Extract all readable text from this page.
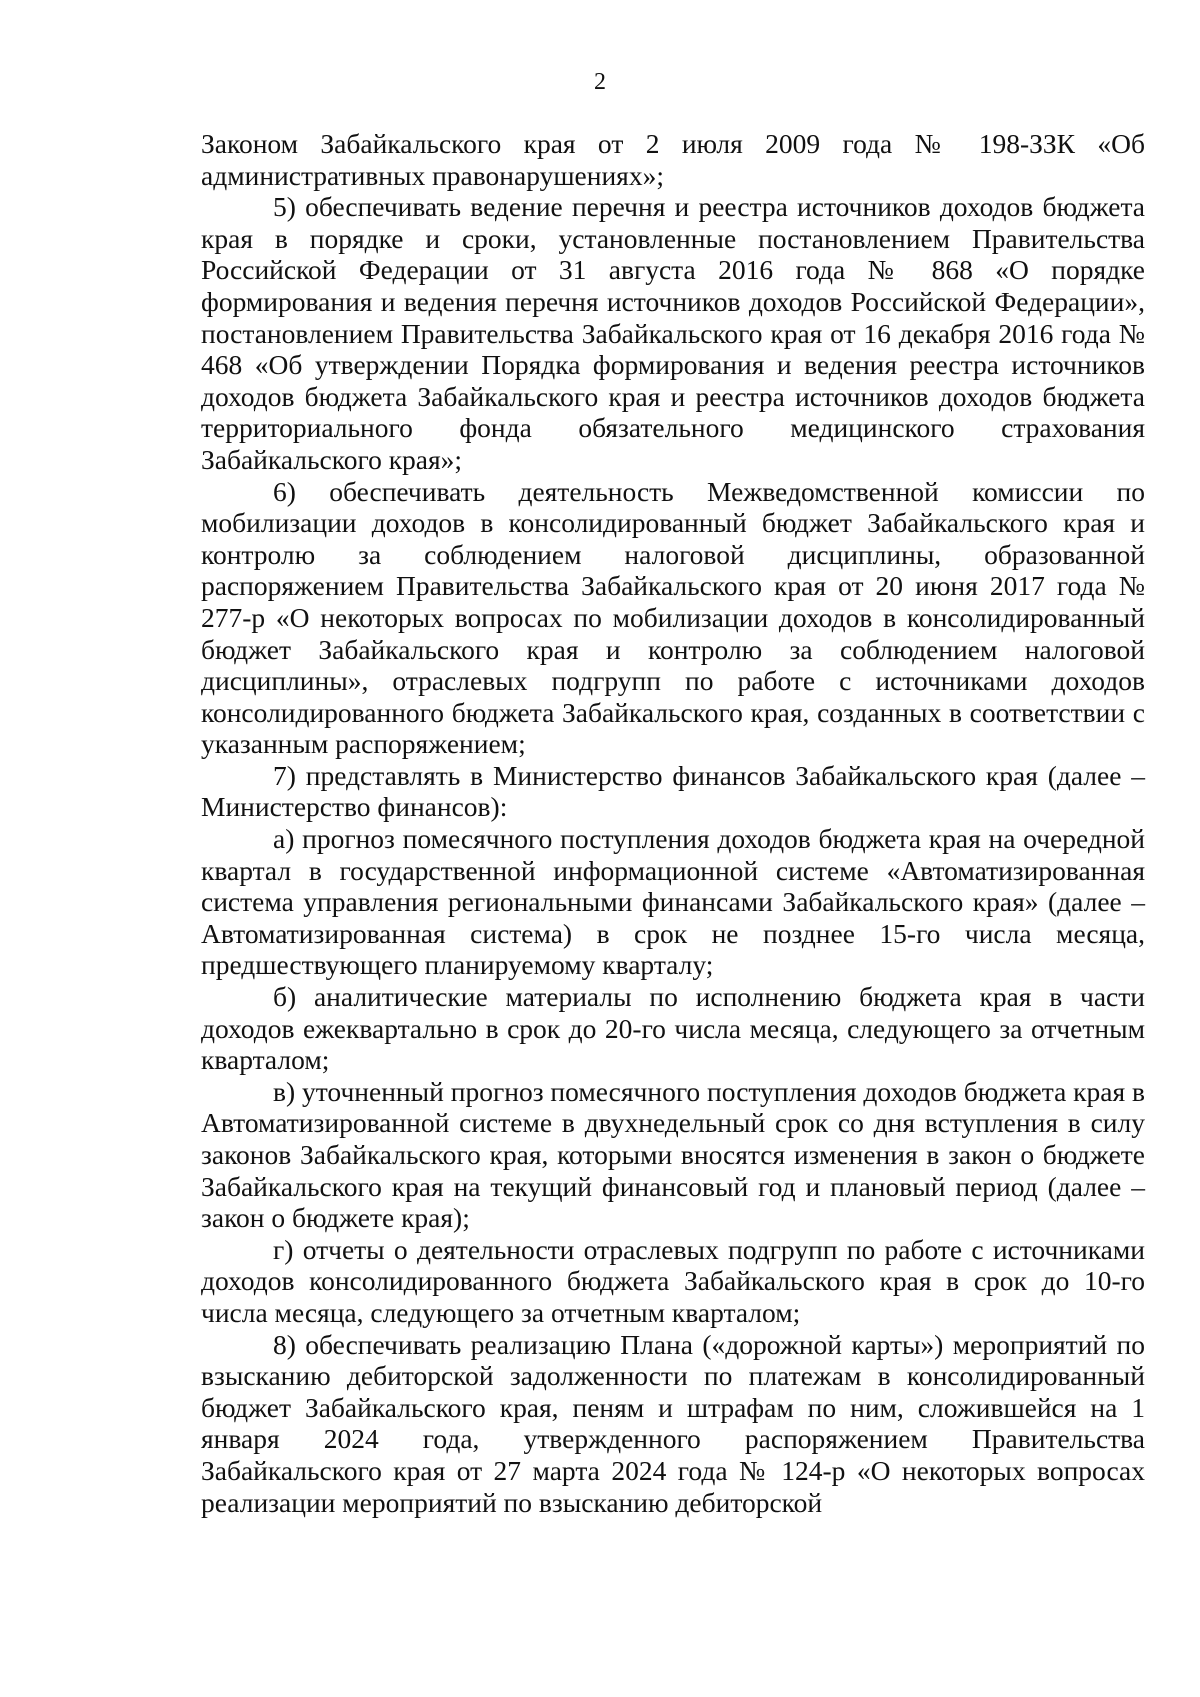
2

Законом Забайкальского края от 2 июля 2009 года № 198-ЗЗК «Об административных правонарушениях»;

5) обеспечивать ведение перечня и реестра источников доходов бюджета края в порядке и сроки, установленные постановлением Правительства Российской Федерации от 31 августа 2016 года № 868 «О порядке формирования и ведения перечня источников доходов Российской Федерации», постановлением Правительства Забайкальского края от 16 декабря 2016 года № 468 «Об утверждении Порядка формирования и ведения реестра источников доходов бюджета Забайкальского края и реестра источников доходов бюджета территориального фонда обязательного медицинского страхования Забайкальского края»;

6) обеспечивать деятельность Межведомственной комиссии по мобилизации доходов в консолидированный бюджет Забайкальского края и контролю за соблюдением налоговой дисциплины, образованной распоряжением Правительства Забайкальского края от 20 июня 2017 года № 277-р «О некоторых вопросах по мобилизации доходов в консолидированный бюджет Забайкальского края и контролю за соблюдением налоговой дисциплины», отраслевых подгрупп по работе с источниками доходов консолидированного бюджета Забайкальского края, созданных в соответствии с указанным распоряжением;

7) представлять в Министерство финансов Забайкальского края (далее – Министерство финансов):

а) прогноз помесячного поступления доходов бюджета края на очередной квартал в государственной информационной системе «Автоматизированная система управления региональными финансами Забайкальского края» (далее – Автоматизированная система) в срок не позднее 15-го числа месяца, предшествующего планируемому кварталу;

б) аналитические материалы по исполнению бюджета края в части доходов ежеквартально в срок до 20-го числа месяца, следующего за отчетным кварталом;

в) уточненный прогноз помесячного поступления доходов бюджета края в Автоматизированной системе в двухнедельный срок со дня вступления в силу законов Забайкальского края, которыми вносятся изменения в закон о бюджете Забайкальского края на текущий финансовый год и плановый период (далее – закон о бюджете края);

г) отчеты о деятельности отраслевых подгрупп по работе с источниками доходов консолидированного бюджета Забайкальского края в срок до 10-го числа месяца, следующего за отчетным кварталом;

8) обеспечивать реализацию Плана («дорожной карты») мероприятий по взысканию дебиторской задолженности по платежам в консолидированный бюджет Забайкальского края, пеням и штрафам по ним, сложившейся на 1 января 2024 года, утвержденного распоряжением Правительства Забайкальского края от 27 марта 2024 года № 124-р «О некоторых вопросах реализации мероприятий по взысканию дебиторской
